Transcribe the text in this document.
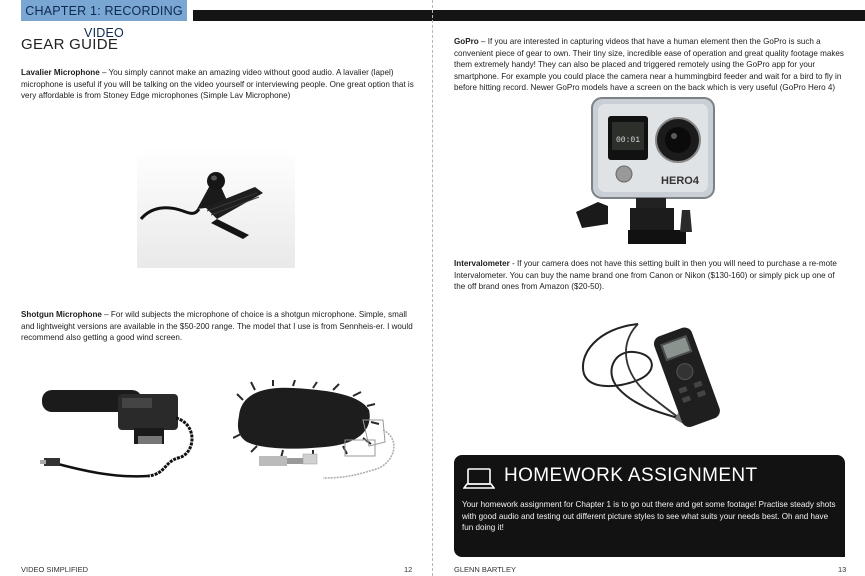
CHAPTER 1: RECORDING VIDEO
GEAR GUIDE
Lavalier Microphone – You simply cannot make an amazing video without good audio. A lavalier (lapel) microphone is useful if you will be talking on the video yourself or interviewing people. One great option that is very affordable is from Stoney Edge microphones (Simple Lav Microphone)
Shotgun Microphone – For wild subjects the microphone of choice is a shotgun microphone. Simple, small and lightweight versions are available in the $50-200 range. The model that I use is from Sennheis-er. I would recommend also getting a good wind screen.
VIDEO SIMPLIFIED	12
GoPro – If you are interested in capturing videos that have a human element then the GoPro is such a convenient piece of gear to own. Their tiny size, incredible ease of operation and great quality footage makes them extremely handy! They can also be placed and triggered remotely using the GoPro app for your smartphone. For example you could place the camera near a hummingbird feeder and wait for a bird to fly in before hitting record. Newer GoPro models have a screen on the back which is very useful (GoPro Hero 4)
00:01
HERO4
Intervalometer - If your camera does not have this setting built in then you will need to purchase a re-mote Intervalometer. You can buy the name brand one from Canon or Nikon ($130-160) or simply pick up one of the off brand ones from Amazon ($20-50).
HOMEWORK ASSIGNMENT
Your homework assignment for Chapter 1 is to go out there and get some footage! Practise steady shots with good audio and testing out different picture styles to see what suits your needs best. Oh and have fun doing it!
GLENN BARTLEY	13
